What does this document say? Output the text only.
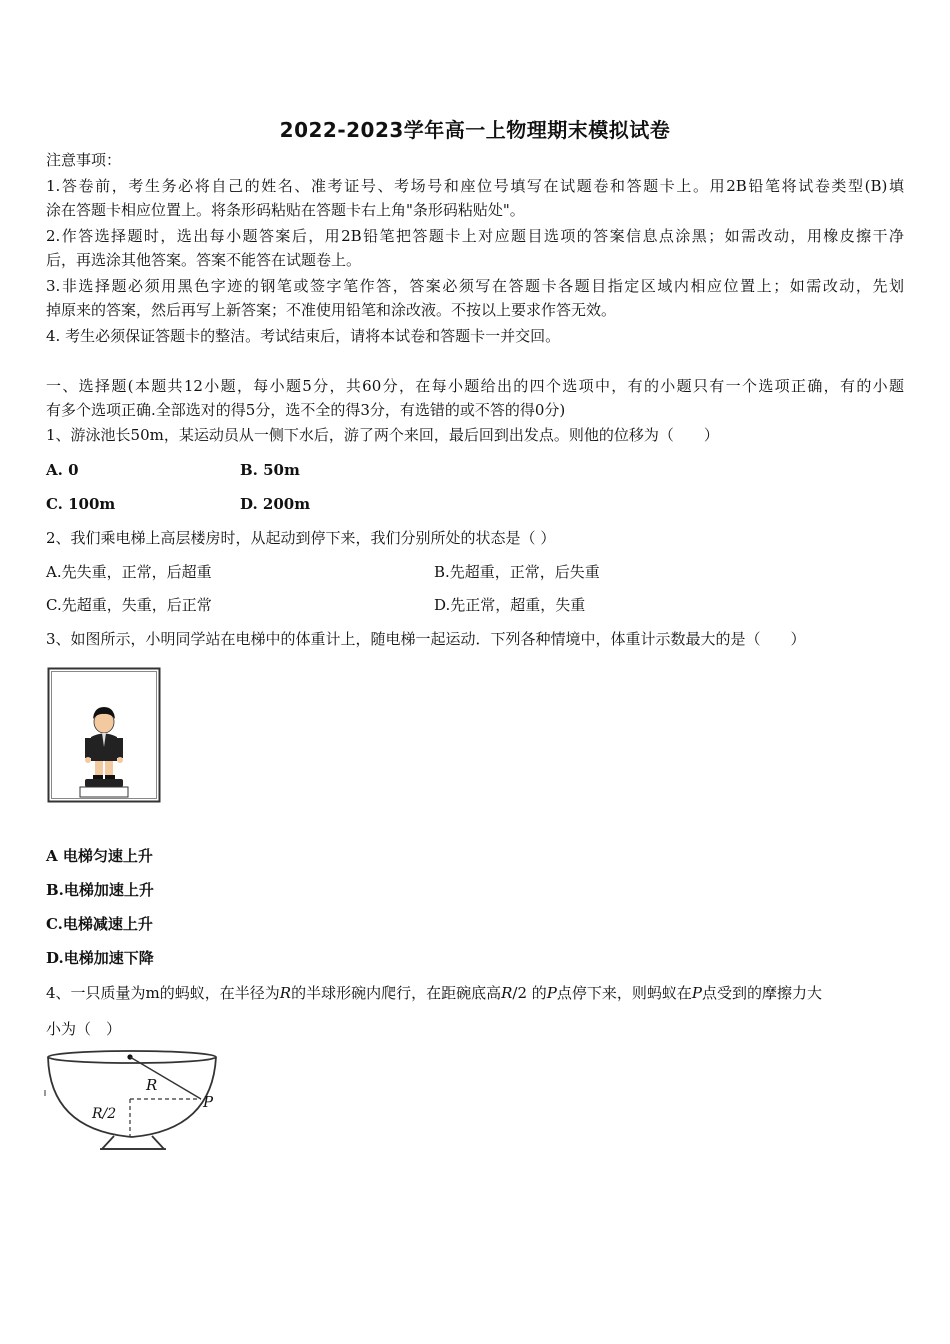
2022-2023学年高一上物理期末模拟试卷
注意事项：
1.答卷前，考生务必将自己的姓名、准考证号、考场号和座位号填写在试题卷和答题卡上。用2B铅笔将试卷类型(B)填
涂在答题卡相应位置上。将条形码粘贴在答题卡右上角"条形码粘贴处"。
2.作答选择题时，选出每小题答案后，用2B铅笔把答题卡上对应题目选项的答案信息点涂黑；如需改动，用橡皮擦干净
后，再选涂其他答案。答案不能答在试题卷上。
3.非选择题必须用黑色字迹的钢笔或签字笔作答，答案必须写在答题卡各题目指定区域内相应位置上；如需改动，先划
掉原来的答案，然后再写上新答案；不准使用铅笔和涂改液。不按以上要求作答无效。
4. 考生必须保证答题卡的整洁。考试结束后，请将本试卷和答题卡一并交回。
一、选择题(本题共12小题，每小题5分，共60分，在每小题给出的四个选项中，有的小题只有一个选项正确，有的小题
有多个选项正确.全部选对的得5分，选不全的得3分，有选错的或不答的得0分)
1、游泳池长50m，某运动员从一侧下水后，游了两个来回，最后回到出发点。则他的位移为（　　）
A. 0	B. 50m
C. 100m	D. 200m
2、我们乘电梯上高层楼房时，从起动到停下来，我们分别所处的状态是（ ）
A.先失重，正常，后超重	B.先超重，正常，后失重
C.先超重，失重，后正常	D.先正常，超重，失重
3、如图所示，小明同学站在电梯中的体重计上，随电梯一起运动．下列各种情境中，体重计示数最大的是（　　）
A 电梯匀速上升
B.电梯加速上升
C.电梯减速上升
D.电梯加速下降
4、一只质量为m的蚂蚁，在半径为R的半球形碗内爬行，在距碗底高R/2 的P点停下来，则蚂蚁在P点受到的摩擦力大
小为（　）
R
R/2
P
